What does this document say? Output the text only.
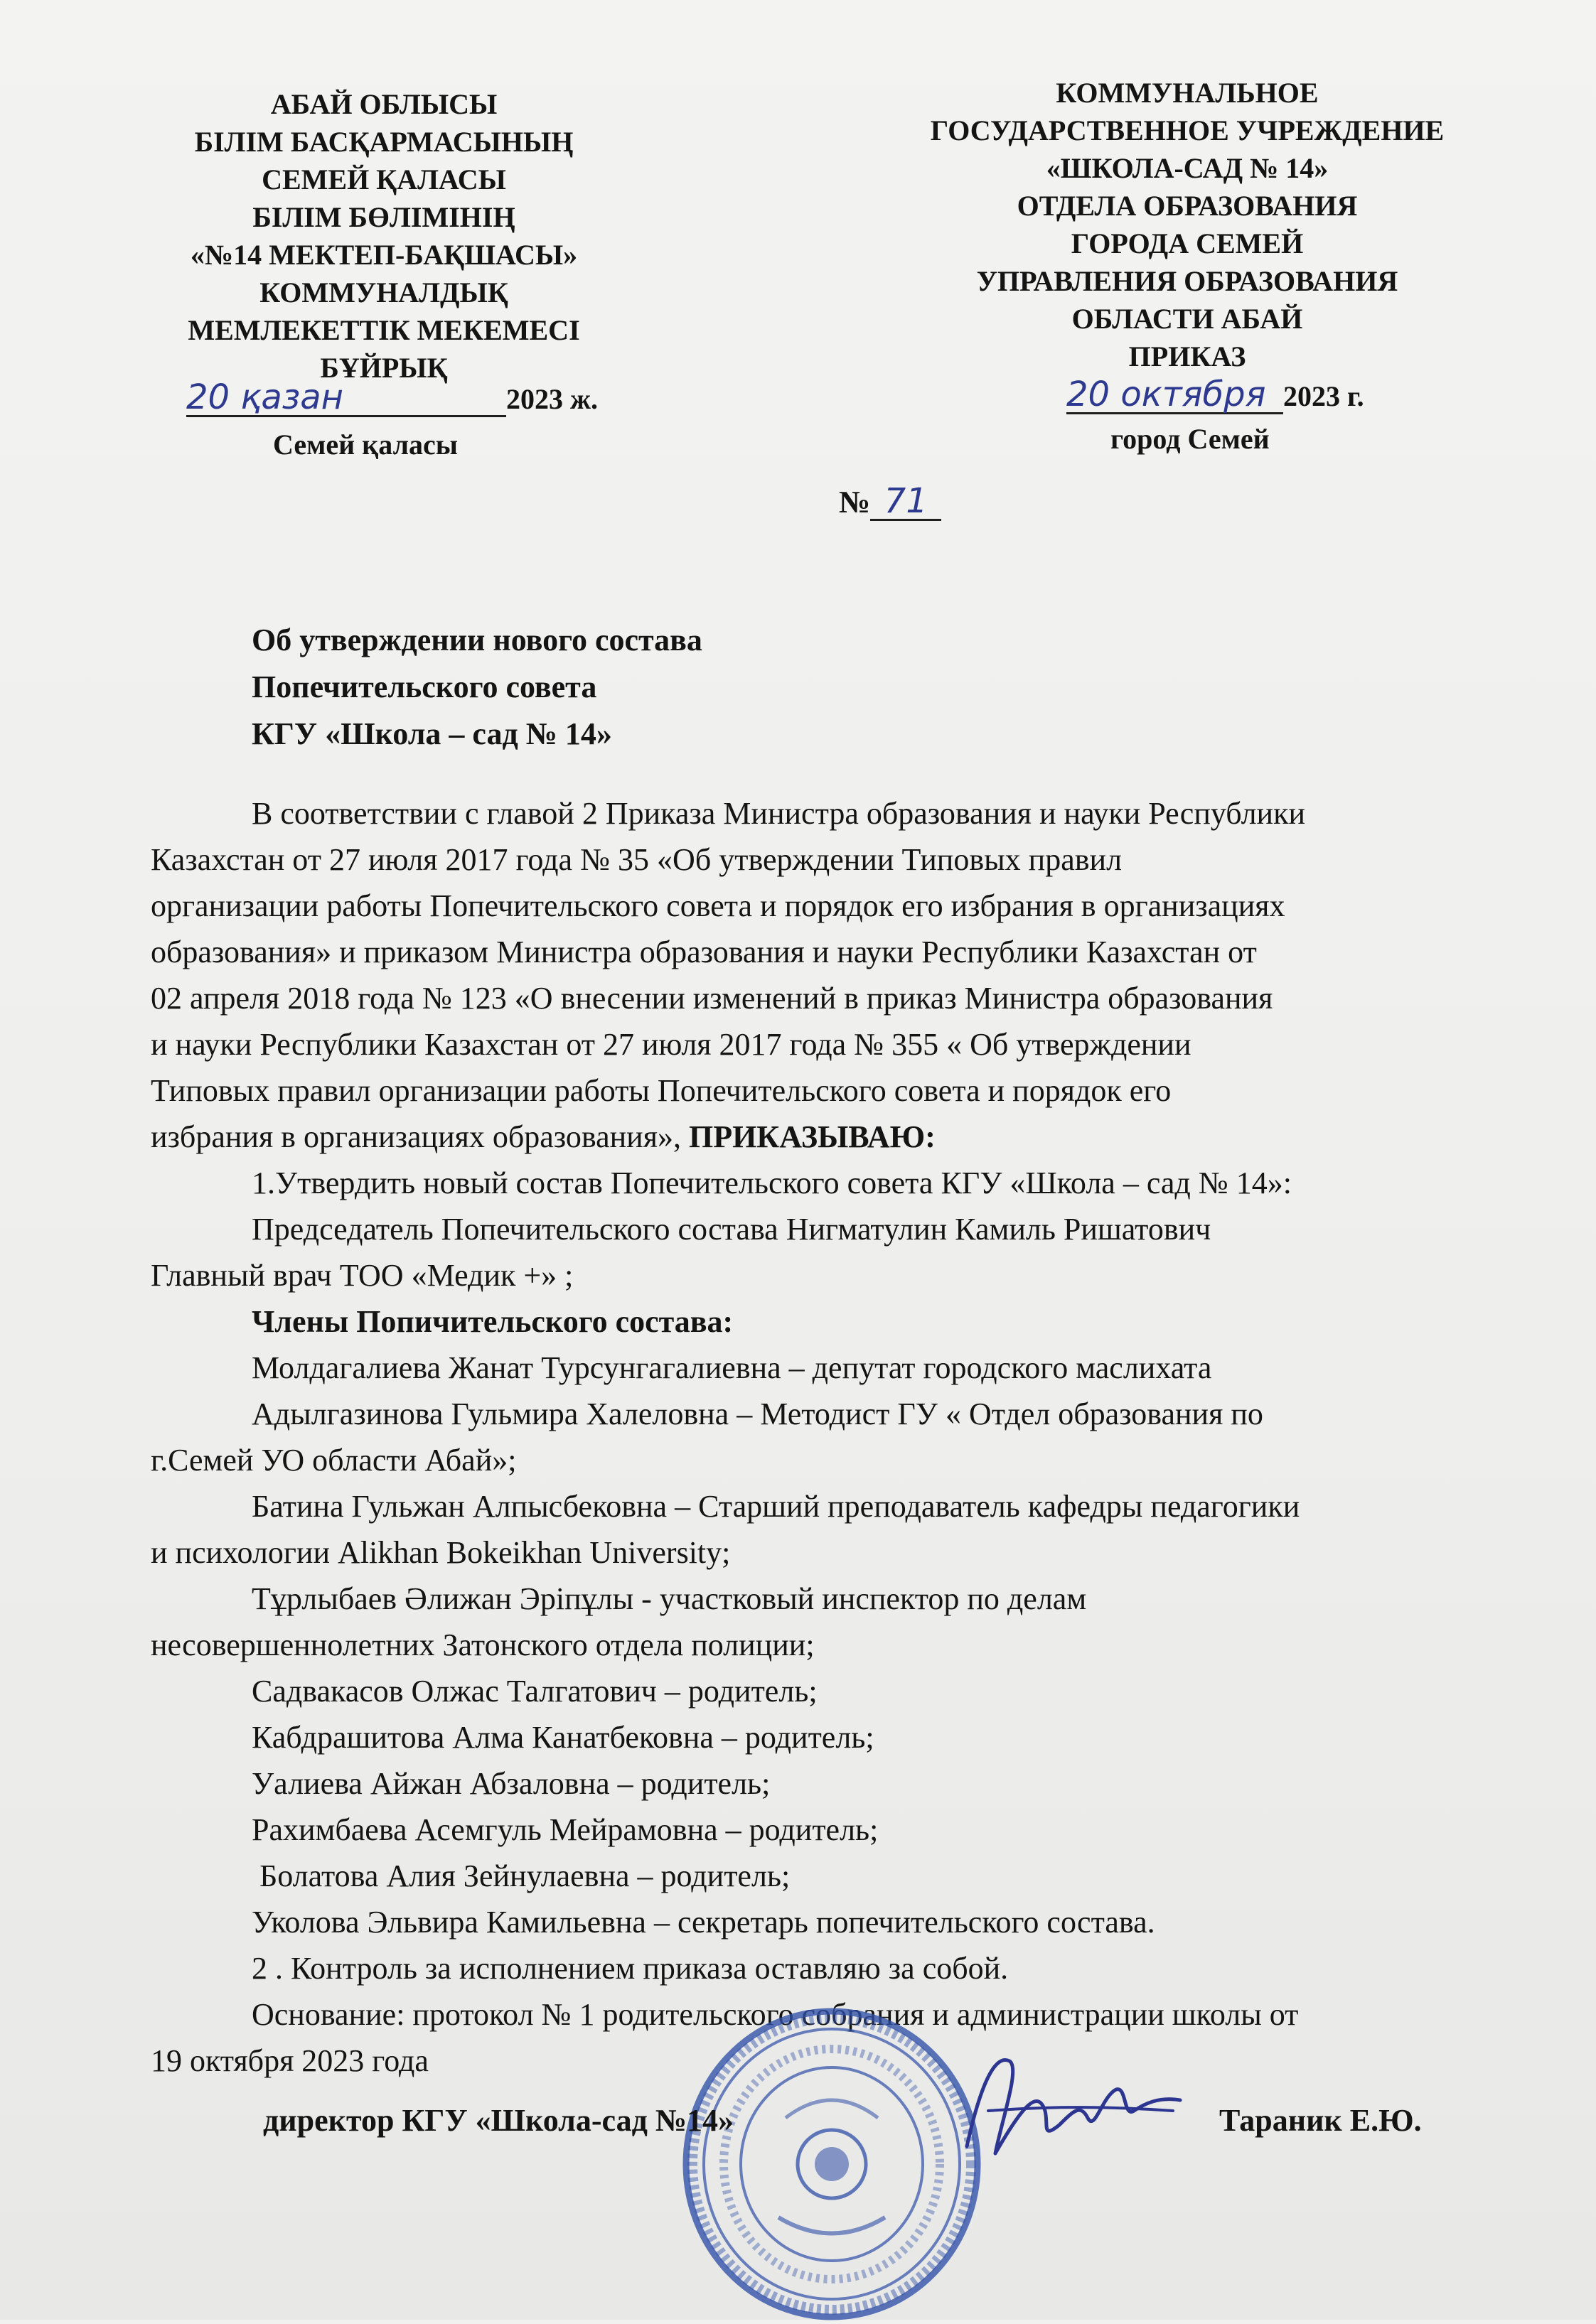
АБАЙ ОБЛЫСЫ
БІЛІМ БАСҚАРМАСЫНЫҢ
СЕМЕЙ ҚАЛАСЫ
БІЛІМ БӨЛІМІНІҢ
«№14 МЕКТЕП-БАҚШАСЫ»
КОММУНАЛДЫҚ
МЕМЛЕКЕТТІК МЕКЕМЕСІ
БҰЙРЫҚ
20 қазан	2023 ж.
Семей қаласы
КОММУНАЛЬНОЕ
ГОСУДАРСТВЕННОЕ УЧРЕЖДЕНИЕ
«ШКОЛА-САД № 14»
ОТДЕЛА ОБРАЗОВАНИЯ
ГОРОДА СЕМЕЙ
УПРАВЛЕНИЯ ОБРАЗОВАНИЯ
ОБЛАСТИ АБАЙ
ПРИКАЗ
20 октября 2023 г.
город Семей
№ 71
Об утверждении нового состава
Попечительского совета
КГУ «Школа – сад № 14»

В соответствии с главой 2 Приказа Министра образования и науки Республики

Казахстан от 27 июля 2017 года № 35 «Об утверждении Типовых правил

организации работы Попечительского совета и порядок его избрания в организациях

образования» и приказом Министра образования и науки Республики Казахстан от

02 апреля 2018 года № 123 «О внесении изменений в приказ Министра образования

и науки Республики Казахстан от 27 июля 2017 года № 355 « Об утверждении

Типовых правил организации работы Попечительского совета и порядок его

избрания в организациях образования», ПРИКАЗЫВАЮ:

1.Утвердить новый состав Попечительского совета КГУ «Школа – сад № 14»:

Председатель Попечительского состава Нигматулин Камиль Ришатович

Главный врач ТОО «Медик +» ;

Члены Попичительского состава:

Молдагалиева Жанат Турсунгагалиевна – депутат городского маслихата

Адылгазинова Гульмира Халеловна – Методист ГУ « Отдел образования по

г.Семей УО области Абай»;

Батина Гульжан Алпысбековна – Старший преподаватель кафедры педагогики

и психологии Alikhan Bokeikhan University;

Тұрлыбаев Әлижан Эріпұлы - участковый инспектор по делам

несовершеннолетних Затонского отдела полиции;

Садвакасов Олжас Талгатович – родитель;

Кабдрашитова Алма Канатбековна – родитель;

Уалиева Айжан Абзаловна – родитель;

Рахимбаева Асемгуль Мейрамовна – родитель;

Болатова Алия Зейнулаевна – родитель;

Уколова Эльвира Камильевна – секретарь попечительского состава.

2 . Контроль за исполнением приказа оставляю за собой.

Основание: протокол № 1 родительского собрания и администрации школы от

19 октября 2023 года

директор КГУ «Школа-сад №14»	Тараник Е.Ю.
